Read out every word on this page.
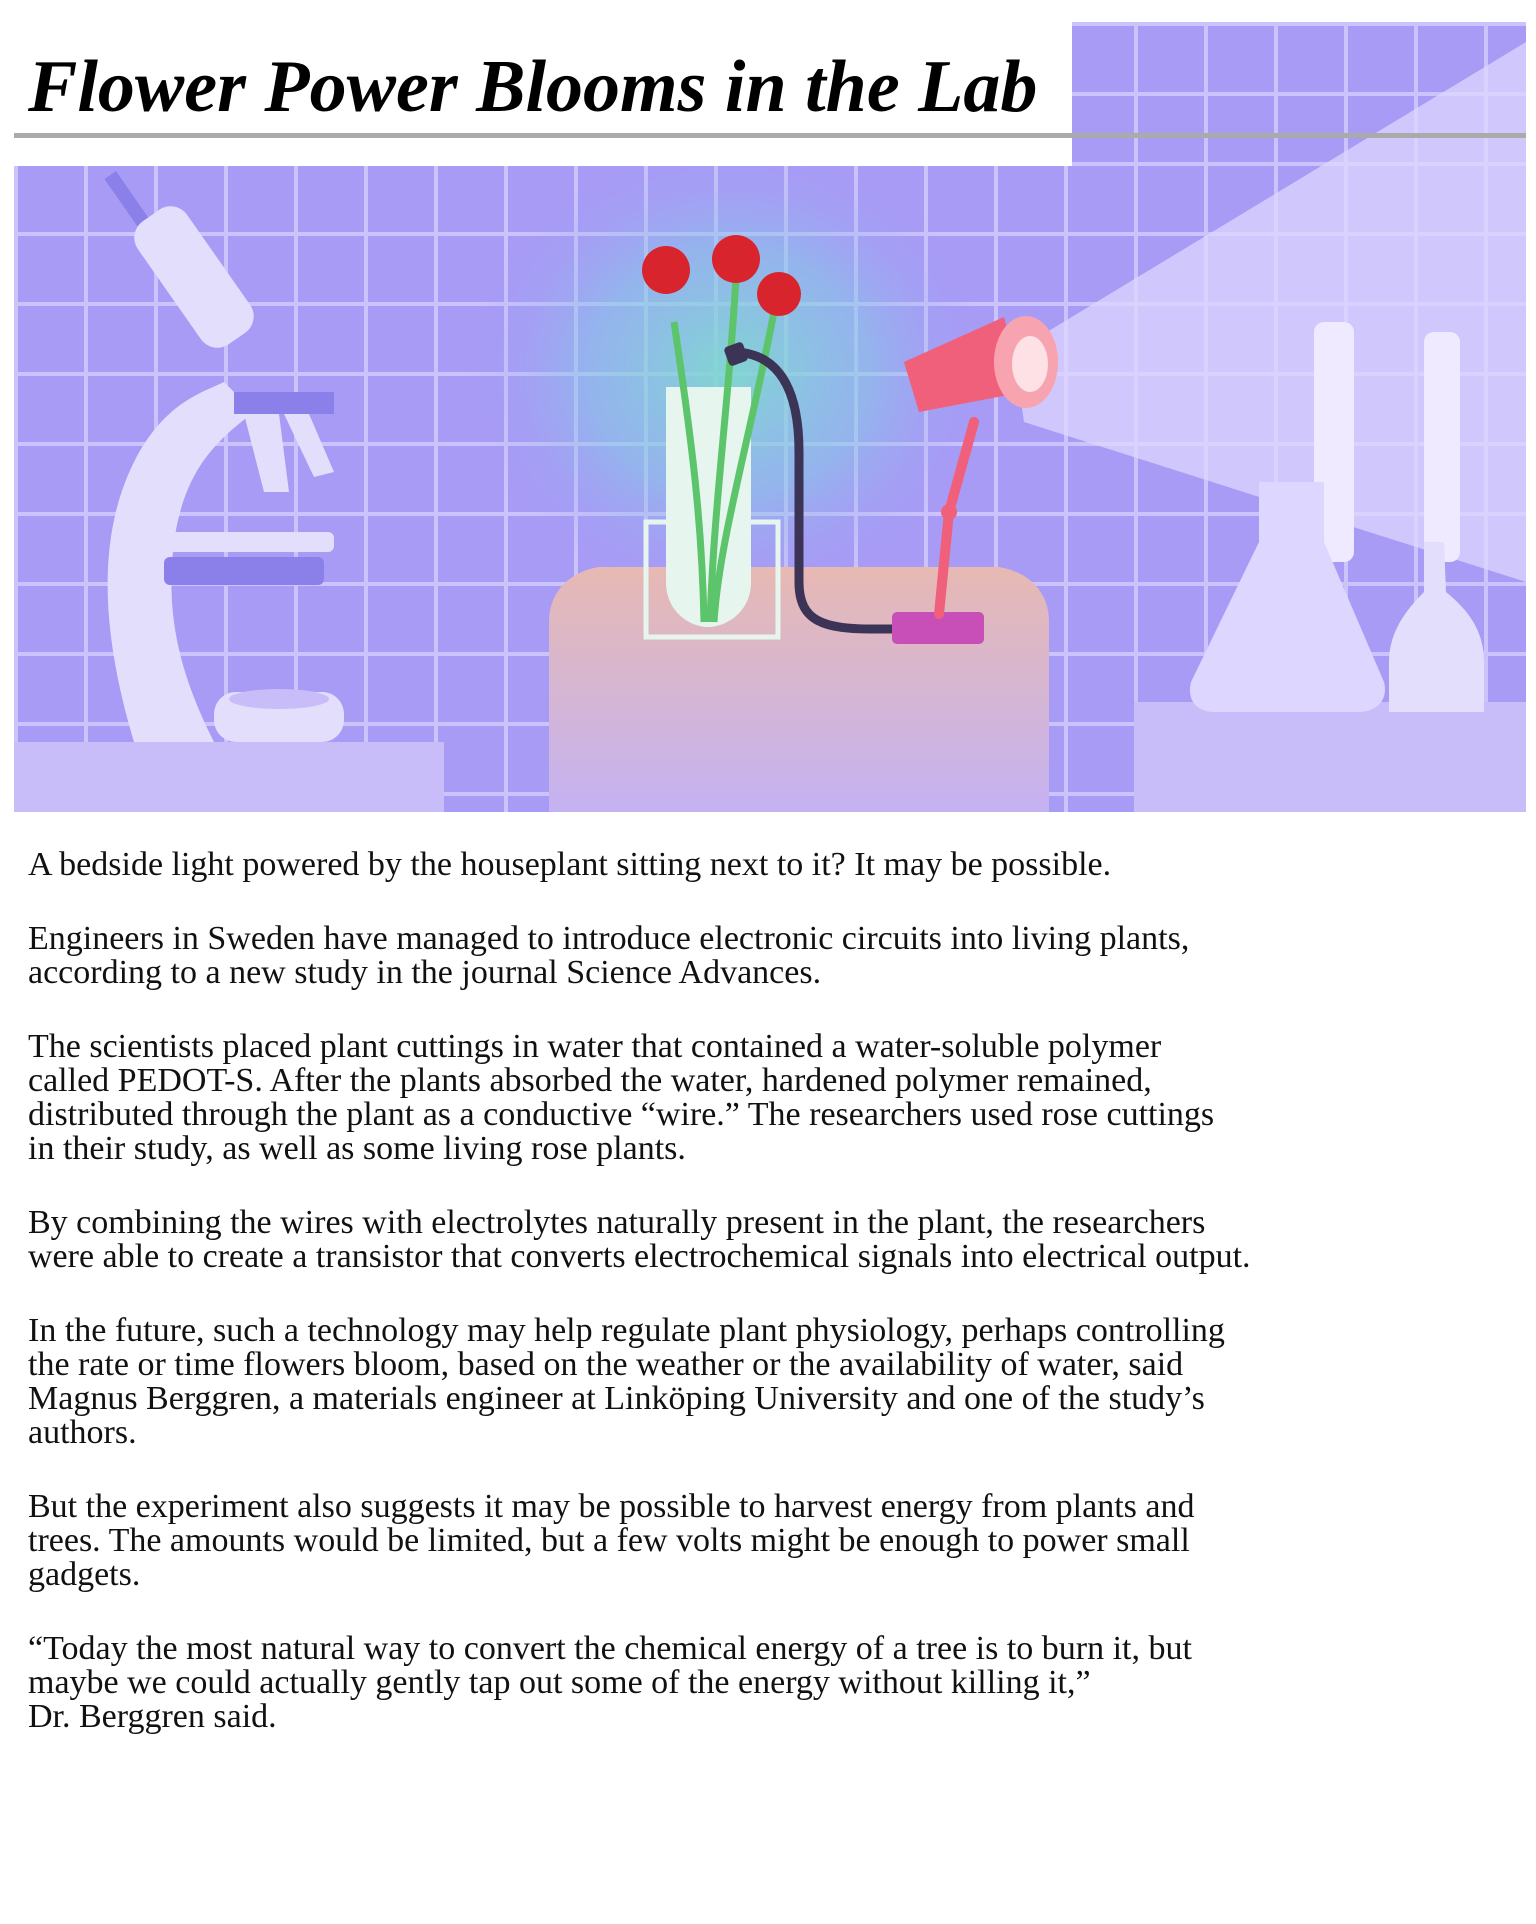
Flower Power Blooms in the Lab

A bedside light powered by the houseplant sitting next to it? It may be possible.

Engineers in Sweden have managed to introduce electronic circuits into living plants,
according to a new study in the journal Science Advances.

The scientists placed plant cuttings in water that contained a water-soluble polymer
called PEDOT-S. After the plants absorbed the water, hardened polymer remained,
distributed through the plant as a conductive “wire.” The researchers used rose cuttings
in their study, as well as some living rose plants.

By combining the wires with electrolytes naturally present in the plant, the researchers
were able to create a transistor that converts electrochemical signals into electrical output.

In the future, such a technology may help regulate plant physiology, perhaps controlling
the rate or time flowers bloom, based on the weather or the availability of water, said
Magnus Berggren, a materials engineer at Linköping University and one of the study’s
authors.

But the experiment also suggests it may be possible to harvest energy from plants and
trees. The amounts would be limited, but a few volts might be enough to power small
gadgets.

“Today the most natural way to convert the chemical energy of a tree is to burn it, but
maybe we could actually gently tap out some of the energy without killing it,”
Dr. Berggren said.
